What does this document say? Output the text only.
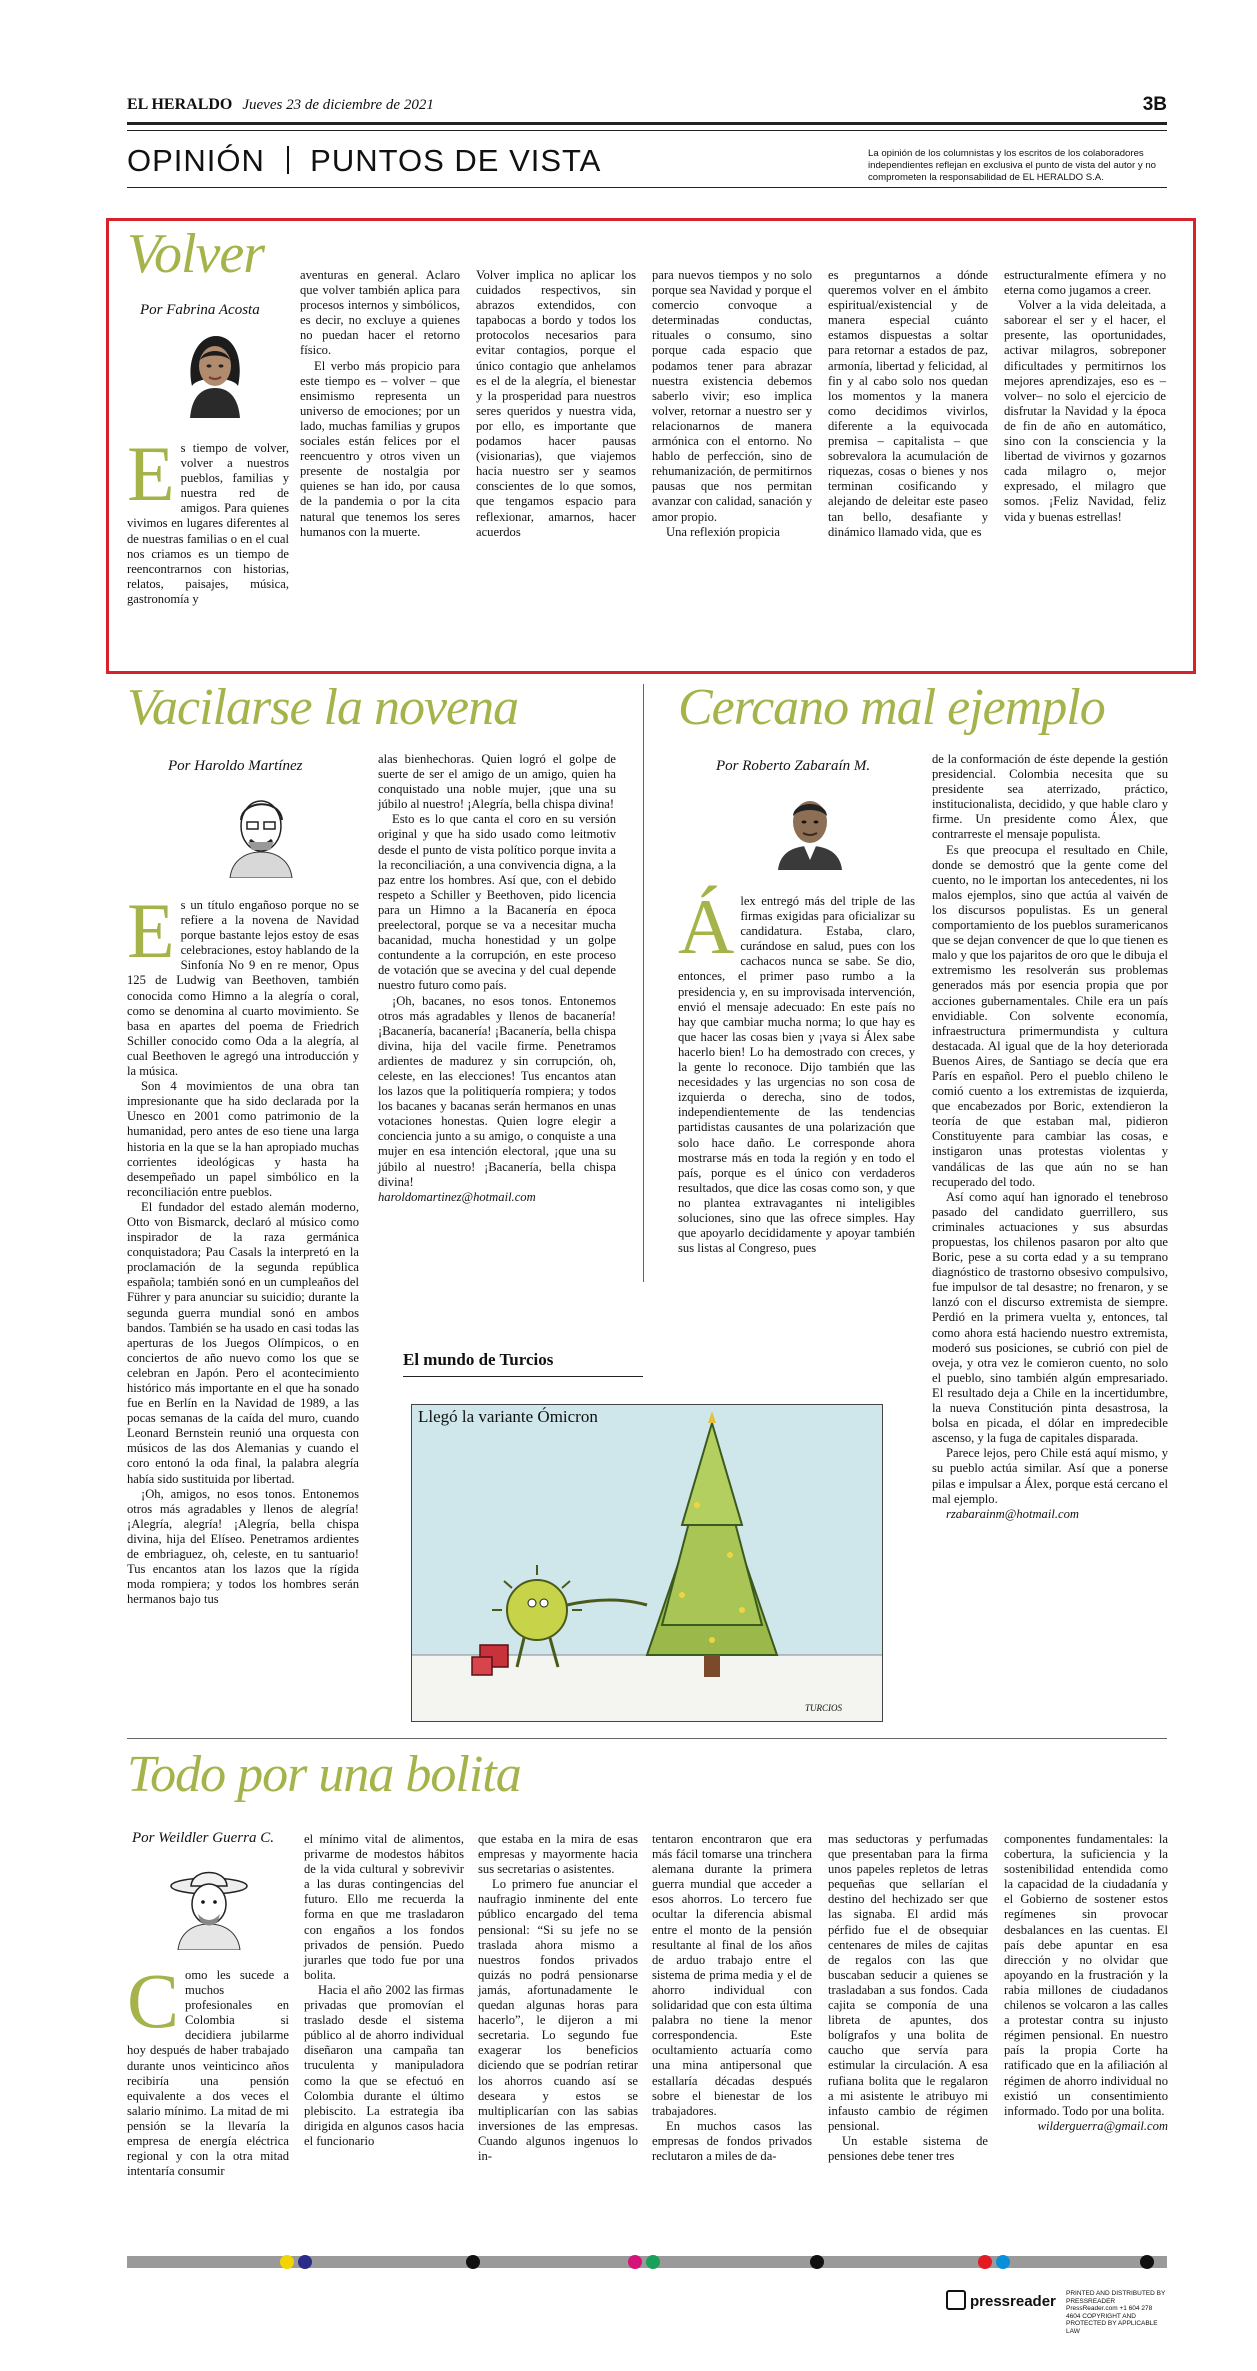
EL HERALDO Jueves 23 de diciembre de 2021	3B
OPINIÓN PUNTOS DE VISTA	La opinión de los columnistas y los escritos de los colaboradores independientes reflejan en exclusiva el punto de vista del autor y no comprometen la responsabilidad de EL HERALDO S.A.
Volver
Por Fabrina Acosta

Es tiempo de volver, volver a nuestros pueblos, familias y nuestra red de amigos. Para quienes vivimos en lugares diferentes al de nuestras familias o en el cual nos criamos es un tiempo de reencontrarnos con historias, relatos, paisajes, música, gastronomía y

aventuras en general. Aclaro que volver también aplica para procesos internos y simbólicos, es decir, no excluye a quienes no puedan hacer el retorno físico.

El verbo más propicio para este tiempo es – volver – que ensimismo representa un universo de emociones; por un lado, muchas familias y grupos sociales están felices por el reencuentro y otros viven un presente de nostalgia por quienes se han ido, por causa de la pandemia o por la cita natural que tenemos los seres humanos con la muerte.

Volver implica no aplicar los cuidados respectivos, sin abrazos extendidos, con tapabocas a bordo y todos los protocolos necesarios para evitar contagios, porque el único contagio que anhelamos es el de la alegría, el bienestar y la prosperidad para nuestros seres queridos y nuestra vida, por ello, es importante que podamos hacer pausas (visionarias), que viajemos hacia nuestro ser y seamos conscientes de lo que somos, que tengamos espacio para reflexionar, amarnos, hacer acuerdos

para nuevos tiempos y no solo porque sea Navidad y porque el comercio convoque a determinadas conductas, rituales o consumo, sino porque cada espacio que podamos tener para abrazar nuestra existencia debemos saberlo vivir; eso implica volver, retornar a nuestro ser y relacionarnos de manera armónica con el entorno. No hablo de perfección, sino de rehumanización, de permitirnos pausas que nos permitan avanzar con calidad, sanación y amor propio.

Una reflexión propicia

es preguntarnos a dónde queremos volver en el ámbito espiritual/existencial y de manera especial cuánto estamos dispuestas a soltar para retornar a estados de paz, armonía, libertad y felicidad, al fin y al cabo solo nos quedan los momentos y la manera como decidimos vivirlos, diferente a la equivocada premisa – capitalista – que sobrevalora la acumulación de riquezas, cosas o bienes y nos terminan cosificando y alejando de deleitar este paseo tan bello, desafiante y dinámico llamado vida, que es

estructuralmente efímera y no eterna como jugamos a creer.

Volver a la vida deleitada, a saborear el ser y el hacer, el presente, las oportunidades, activar milagros, sobreponer dificultades y permitirnos los mejores aprendizajes, eso es – volver– no solo el ejercicio de disfrutar la Navidad y la época de fin de año en automático, sino con la consciencia y la libertad de vivirnos y gozarnos cada milagro o, mejor expresado, el milagro que somos. ¡Feliz Navidad, feliz vida y buenas estrellas!

Vacilarse la novena
Por Haroldo Martínez

Es un título engañoso porque no se refiere a la novena de Navidad porque bastante lejos estoy de esas celebraciones, estoy hablando de la Sinfonía No 9 en re menor, Opus 125 de Ludwig van Beethoven, también conocida como Himno a la alegría o coral, como se denomina al cuarto movimiento. Se basa en apartes del poema de Friedrich Schiller conocido como Oda a la alegría, al cual Beethoven le agregó una introducción y la música.

Son 4 movimientos de una obra tan impresionante que ha sido declarada por la Unesco en 2001 como patrimonio de la humanidad, pero antes de eso tiene una larga historia en la que se la han apropiado muchas corrientes ideológicas y hasta ha desempeñado un papel simbólico en la reconciliación entre pueblos.

El fundador del estado alemán moderno, Otto von Bismarck, declaró al músico como inspirador de la raza germánica conquistadora; Pau Casals la interpretó en la proclamación de la segunda república española; también sonó en un cumpleaños del Führer y para anunciar su suicidio; durante la segunda guerra mundial sonó en ambos bandos. También se ha usado en casi todas las aperturas de los Juegos Olímpicos, o en conciertos de año nuevo como los que se celebran en Japón. Pero el acontecimiento histórico más importante en el que ha sonado fue en Berlín en la Navidad de 1989, a las pocas semanas de la caída del muro, cuando Leonard Bernstein reunió una orquesta con músicos de las dos Alemanias y cuando el coro entonó la oda final, la palabra alegría había sido sustituida por libertad.

¡Oh, amigos, no esos tonos. Entonemos otros más agradables y llenos de alegría! ¡Alegría, alegría! ¡Alegría, bella chispa divina, hija del Elíseo. Penetramos ardientes de embriaguez, oh, celeste, en tu santuario! Tus encantos atan los lazos que la rígida moda rompiera; y todos los hombres serán hermanos bajo tus

alas bienhechoras. Quien logró el golpe de suerte de ser el amigo de un amigo, quien ha conquistado una noble mujer, ¡que una su júbilo al nuestro! ¡Alegría, bella chispa divina!

Esto es lo que canta el coro en su versión original y que ha sido usado como leitmotiv desde el punto de vista político porque invita a la reconciliación, a una convivencia digna, a la paz entre los hombres. Así que, con el debido respeto a Schiller y Beethoven, pido licencia para un Himno a la Bacanería en época preelectoral, porque se va a necesitar mucha bacanidad, mucha honestidad y un golpe contundente a la corrupción, en este proceso de votación que se avecina y del cual depende nuestro futuro como país.

¡Oh, bacanes, no esos tonos. Entonemos otros más agradables y llenos de bacanería! ¡Bacanería, bacanería! ¡Bacanería, bella chispa divina, hija del vacile firme. Penetramos ardientes de madurez y sin corrupción, oh, celeste, en las elecciones! Tus encantos atan los lazos que la politiquería rompiera; y todos los bacanes y bacanas serán hermanos en unas votaciones honestas. Quien logre elegir a conciencia junto a su amigo, o conquiste a una mujer en esa intención electoral, ¡que una su júbilo al nuestro! ¡Bacanería, bella chispa divina!

haroldomartinez@hotmail.com

El mundo de Turcios
Llegó la variante Ómicron
TURCIOS
Cercano mal ejemplo
Por Roberto Zabaraín M.

Álex entregó más del triple de las firmas exigidas para oficializar su candidatura. Estaba, claro, curándose en salud, pues con los cachacos nunca se sabe. Se dio, entonces, el primer paso rumbo a la presidencia y, en su improvisada intervención, envió el mensaje adecuado: En este país no hay que cambiar mucha norma; lo que hay es que hacer las cosas bien y ¡vaya si Álex sabe hacerlo bien! Lo ha demostrado con creces, y la gente lo reconoce. Dijo también que las necesidades y las urgencias no son cosa de izquierda o derecha, sino de todos, independientemente de las tendencias partidistas causantes de una polarización que solo hace daño. Le corresponde ahora mostrarse más en toda la región y en todo el país, porque es el único con verdaderos resultados, que dice las cosas como son, y que no plantea extravagantes ni inteligibles soluciones, sino que las ofrece simples. Hay que apoyarlo decididamente y apoyar también sus listas al Congreso, pues

de la conformación de éste depende la gestión presidencial. Colombia necesita que su presidente sea aterrizado, práctico, institucionalista, decidido, y que hable claro y firme. Un presidente como Álex, que contrarreste el mensaje populista.

Es que preocupa el resultado en Chile, donde se demostró que la gente come del cuento, no le importan los antecedentes, ni los malos ejemplos, sino que actúa al vaivén de los discursos populistas. Es un general comportamiento de los pueblos suramericanos que se dejan convencer de que lo que tienen es malo y que los pajaritos de oro que le dibuja el extremismo les resolverán sus problemas generados más por esencia propia que por acciones gubernamentales. Chile era un país envidiable. Con solvente economía, infraestructura primermundista y cultura destacada. Al igual que de la hoy deteriorada Buenos Aires, de Santiago se decía que era París en español. Pero el pueblo chileno le comió cuento a los extremistas de izquierda, que encabezados por Boric, extendieron la teoría de que estaban mal, pidieron Constituyente para cambiar las cosas, e instigaron unas protestas violentas y vandálicas de las que aún no se han recuperado del todo.

Así como aquí han ignorado el tenebroso pasado del candidato guerrillero, sus criminales actuaciones y sus absurdas propuestas, los chilenos pasaron por alto que Boric, pese a su corta edad y a su temprano diagnóstico de trastorno obsesivo compulsivo, fue impulsor de tal desastre; no frenaron, y se lanzó con el discurso extremista de siempre. Perdió en la primera vuelta y, entonces, tal como ahora está haciendo nuestro extremista, moderó sus posiciones, se cubrió con piel de oveja, y otra vez le comieron cuento, no solo el pueblo, sino también algún empresariado. El resultado deja a Chile en la incertidumbre, la nueva Constitución pinta desastrosa, la bolsa en picada, el dólar en impredecible ascenso, y la fuga de capitales disparada.

Parece lejos, pero Chile está aquí mismo, y su pueblo actúa similar. Así que a ponerse pilas e impulsar a Álex, porque está cercano el mal ejemplo.

rzabarainm@hotmail.com

Todo por una bolita
Por Weildler Guerra C.

Como les sucede a muchos profesionales en Colombia si decidiera jubilarme hoy después de haber trabajado durante unos veinticinco años recibiría una pensión equivalente a dos veces el salario mínimo. La mitad de mi pensión se la llevaría la empresa de energía eléctrica regional y con la otra mitad intentaría consumir

el mínimo vital de alimentos, privarme de modestos hábitos de la vida cultural y sobrevivir a las duras contingencias del futuro. Ello me recuerda la forma en que me trasladaron con engaños a los fondos privados de pensión. Puedo jurarles que todo fue por una bolita.

Hacia el año 2002 las firmas privadas que promovían el traslado desde el sistema público al de ahorro individual diseñaron una campaña tan truculenta y manipuladora como la que se efectuó en Colombia durante el último plebiscito. La estrategia iba dirigida en algunos casos hacia el funcionario

que estaba en la mira de esas empresas y mayormente hacia sus secretarias o asistentes.

Lo primero fue anunciar el naufragio inminente del ente público encargado del tema pensional: “Si su jefe no se traslada ahora mismo a nuestros fondos privados quizás no podrá pensionarse jamás, afortunadamente le quedan algunas horas para hacerlo”, le dijeron a mi secretaria. Lo segundo fue exagerar los beneficios diciendo que se podrían retirar los ahorros cuando así se deseara y estos se multiplicarían con las sabias inversiones de las empresas. Cuando algunos ingenuos lo in-

tentaron encontraron que era más fácil tomarse una trinchera alemana durante la primera guerra mundial que acceder a esos ahorros. Lo tercero fue ocultar la diferencia abismal entre el monto de la pensión resultante al final de los años de arduo trabajo entre el sistema de prima media y el de ahorro individual con solidaridad que con esta última palabra no tiene la menor correspondencia. Este ocultamiento actuaría como una mina antipersonal que estallaría décadas después sobre el bienestar de los trabajadores.

En muchos casos las empresas de fondos privados reclutaron a miles de da-

mas seductoras y perfumadas que presentaban para la firma unos papeles repletos de letras pequeñas que sellarían el destino del hechizado ser que las signaba. El ardid más pérfido fue el de obsequiar centenares de miles de cajitas de regalos con las que buscaban seducir a quienes se trasladaban a sus fondos. Cada cajita se componía de una libreta de apuntes, dos bolígrafos y una bolita de caucho que servía para estimular la circulación. A esa rufiana bolita que le regalaron a mi asistente le atribuyo mi infausto cambio de régimen pensional.

Un estable sistema de pensiones debe tener tres

componentes fundamentales: la cobertura, la suficiencia y la sostenibilidad entendida como la capacidad de la ciudadanía y el Gobierno de sostener estos regímenes sin provocar desbalances en las cuentas. El país debe apuntar en esa dirección y no olvidar que apoyando en la frustración y la rabia millones de ciudadanos chilenos se volcaron a las calles a protestar contra su injusto régimen pensional. En nuestro país la propia Corte ha ratificado que en la afiliación al régimen de ahorro individual no existió un consentimiento informado. Todo por una bolita.

wilderguerra@gmail.com

pressreader PRINTED AND DISTRIBUTED BY PRESSREADER PressReader.com +1 604 278 4604 COPYRIGHT AND PROTECTED BY APPLICABLE LAW
